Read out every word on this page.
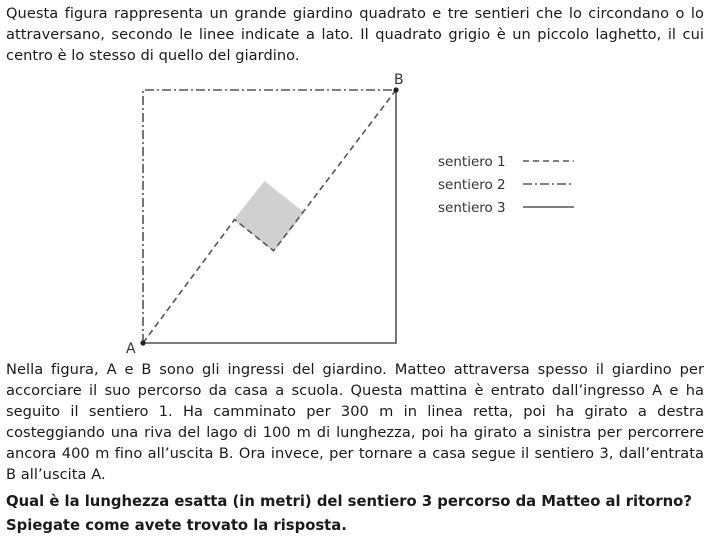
Questa figura rappresenta un grande giardino quadrato e tre sentieri che lo circondano o lo attraversano, secondo le linee indicate a lato. Il quadrato grigio è un piccolo laghetto, il cui centro è lo stesso di quello del giardino.
A
B
sentiero 1
sentiero 2
sentiero 3
Nella figura, A e B sono gli ingressi del giardino. Matteo attraversa spesso il giardino per accorciare il suo percorso da casa a scuola. Questa mattina è entrato dall’ingresso A e ha seguito il sentiero 1. Ha camminato per 300 m in linea retta, poi ha girato a destra costeggiando una riva del lago di 100 m di lunghezza, poi ha girato a sinistra per percorrere ancora 400 m fino all’uscita B. Ora invece, per tornare a casa segue il sentiero 3, dall’entrata B all’uscita A.
Qual è la lunghezza esatta (in metri) del sentiero 3 percorso da Matteo al ritorno?
Spiegate come avete trovato la risposta.
